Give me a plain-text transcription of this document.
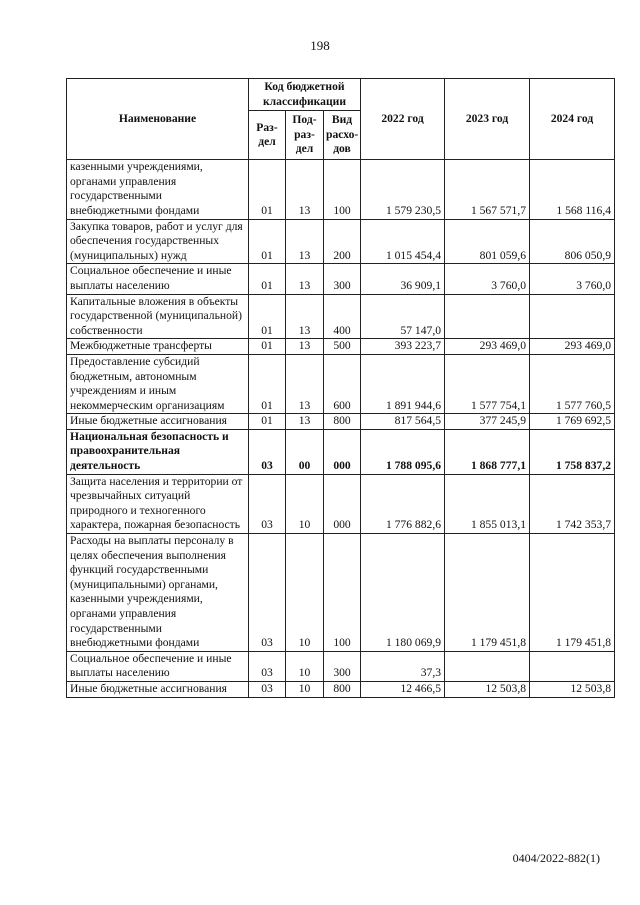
198
Наименование	Код бюджетной классификации			2022 год	2023 год	2024 год
	Раз-дел	Под-раз-дел	Вид расхо-дов			
казенными учреждениями, органами управления государственными внебюджетными фондами	01	13	100	1 579 230,5	1 567 571,7	1 568 116,4
Закупка товаров, работ и услуг для обеспечения государственных (муниципальных) нужд	01	13	200	1 015 454,4	801 059,6	806 050,9
Социальное обеспечение и иные выплаты населению	01	13	300	36 909,1	3 760,0	3 760,0
Капитальные вложения в объекты государственной (муниципальной) собственности	01	13	400	57 147,0		
Межбюджетные трансферты	01	13	500	393 223,7	293 469,0	293 469,0
Предоставление субсидий бюджетным, автономным учреждениям и иным некоммерческим организациям	01	13	600	1 891 944,6	1 577 754,1	1 577 760,5
Иные бюджетные ассигнования	01	13	800	817 564,5	377 245,9	1 769 692,5
Национальная безопасность и правоохранительная деятельность	03	00	000	1 788 095,6	1 868 777,1	1 758 837,2
Защита населения и территории от чрезвычайных ситуаций природного и техногенного характера, пожарная безопасность	03	10	000	1 776 882,6	1 855 013,1	1 742 353,7
Расходы на выплаты персоналу в целях обеспечения выполнения функций государственными (муниципальными) органами, казенными учреждениями, органами управления государственными внебюджетными фондами	03	10	100	1 180 069,9	1 179 451,8	1 179 451,8
Социальное обеспечение и иные выплаты населению	03	10	300	37,3		
Иные бюджетные ассигнования	03	10	800	12 466,5	12 503,8	12 503,8
0404/2022-882(1)
